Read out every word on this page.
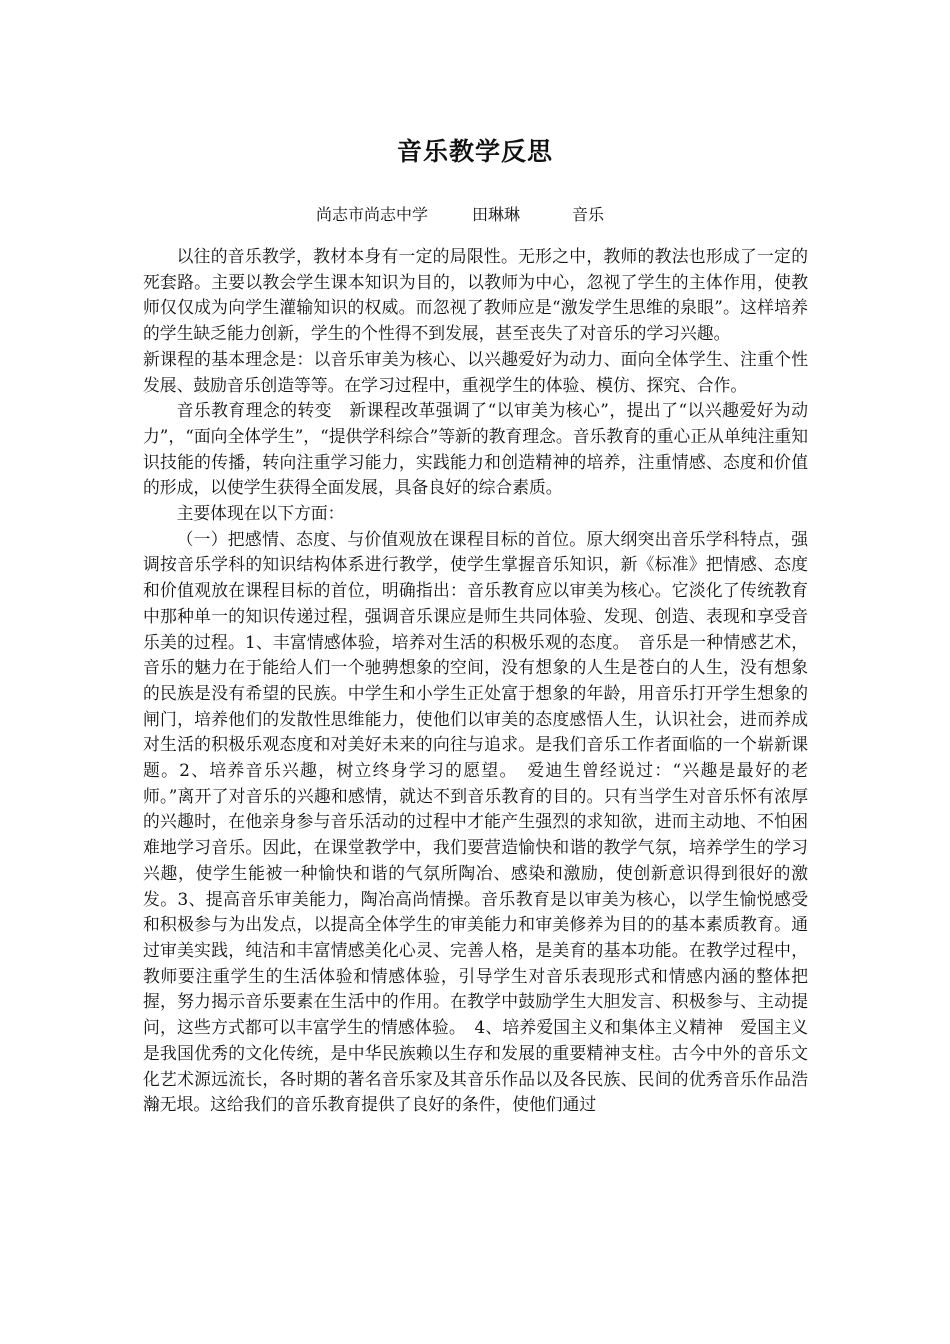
音乐教学反思
尚志市尚志中学	田琳琳	音乐

以往的音乐教学，教材本身有一定的局限性。无形之中，教师的教法也形成了一定的死套路。主要以教会学生课本知识为目的，以教师为中心，忽视了学生的主体作用，使教师仅仅成为向学生灌输知识的权威。而忽视了教师应是“激发学生思维的泉眼”。这样培养的学生缺乏能力创新，学生的个性得不到发展，甚至丧失了对音乐的学习兴趣。

新课程的基本理念是：以音乐审美为核心、以兴趣爱好为动力、面向全体学生、注重个性发展、鼓励音乐创造等等。在学习过程中，重视学生的体验、模仿、探究、合作。

音乐教育理念的转变　新课程改革强调了“以审美为核心”，提出了“以兴趣爱好为动力”，“面向全体学生”，“提供学科综合”等新的教育理念。音乐教育的重心正从单纯注重知识技能的传播，转向注重学习能力，实践能力和创造精神的培养，注重情感、态度和价值的形成，以使学生获得全面发展，具备良好的综合素质。

主要体现在以下方面：

（一）把感情、态度、与价值观放在课程目标的首位。原大纲突出音乐学科特点，强调按音乐学科的知识结构体系进行教学，使学生掌握音乐知识，新《标准》把情感、态度和价值观放在课程目标的首位，明确指出：音乐教育应以审美为核心。它淡化了传统教育中那种单一的知识传递过程，强调音乐课应是师生共同体验、发现、创造、表现和享受音乐美的过程。1、丰富情感体验，培养对生活的积极乐观的态度。　音乐是一种情感艺术，音乐的魅力在于能给人们一个驰骋想象的空间，没有想象的人生是苍白的人生，没有想象的民族是没有希望的民族。中学生和小学生正处富于想象的年龄，用音乐打开学生想象的闸门，培养他们的发散性思维能力，使他们以审美的态度感悟人生，认识社会，进而养成对生活的积极乐观态度和对美好未来的向往与追求。是我们音乐工作者面临的一个崭新课题。2、培养音乐兴趣，树立终身学习的愿望。　爱迪生曾经说过：“兴趣是最好的老师。”离开了对音乐的兴趣和感情，就达不到音乐教育的目的。只有当学生对音乐怀有浓厚的兴趣时，在他亲身参与音乐活动的过程中才能产生强烈的求知欲，进而主动地、不怕困难地学习音乐。因此，在课堂教学中，我们要营造愉快和谐的教学气氛，培养学生的学习兴趣，使学生能被一种愉快和谐的气氛所陶冶、感染和激励，使创新意识得到很好的激发。3、提高音乐审美能力，陶冶高尚情操。音乐教育是以审美为核心，以学生愉悦感受和积极参与为出发点，以提高全体学生的审美能力和审美修养为目的的基本素质教育。通过审美实践，纯洁和丰富情感美化心灵、完善人格，是美育的基本功能。在教学过程中，教师要注重学生的生活体验和情感体验，引导学生对音乐表现形式和情感内涵的整体把握，努力揭示音乐要素在生活中的作用。在教学中鼓励学生大胆发言、积极参与、主动提问，这些方式都可以丰富学生的情感体验。　4、培养爱国主义和集体主义精神　爱国主义是我国优秀的文化传统，是中华民族赖以生存和发展的重要精神支柱。古今中外的音乐文化艺术源远流长，各时期的著名音乐家及其音乐作品以及各民族、民间的优秀音乐作品浩瀚无垠。这给我们的音乐教育提供了良好的条件，使他们通过
